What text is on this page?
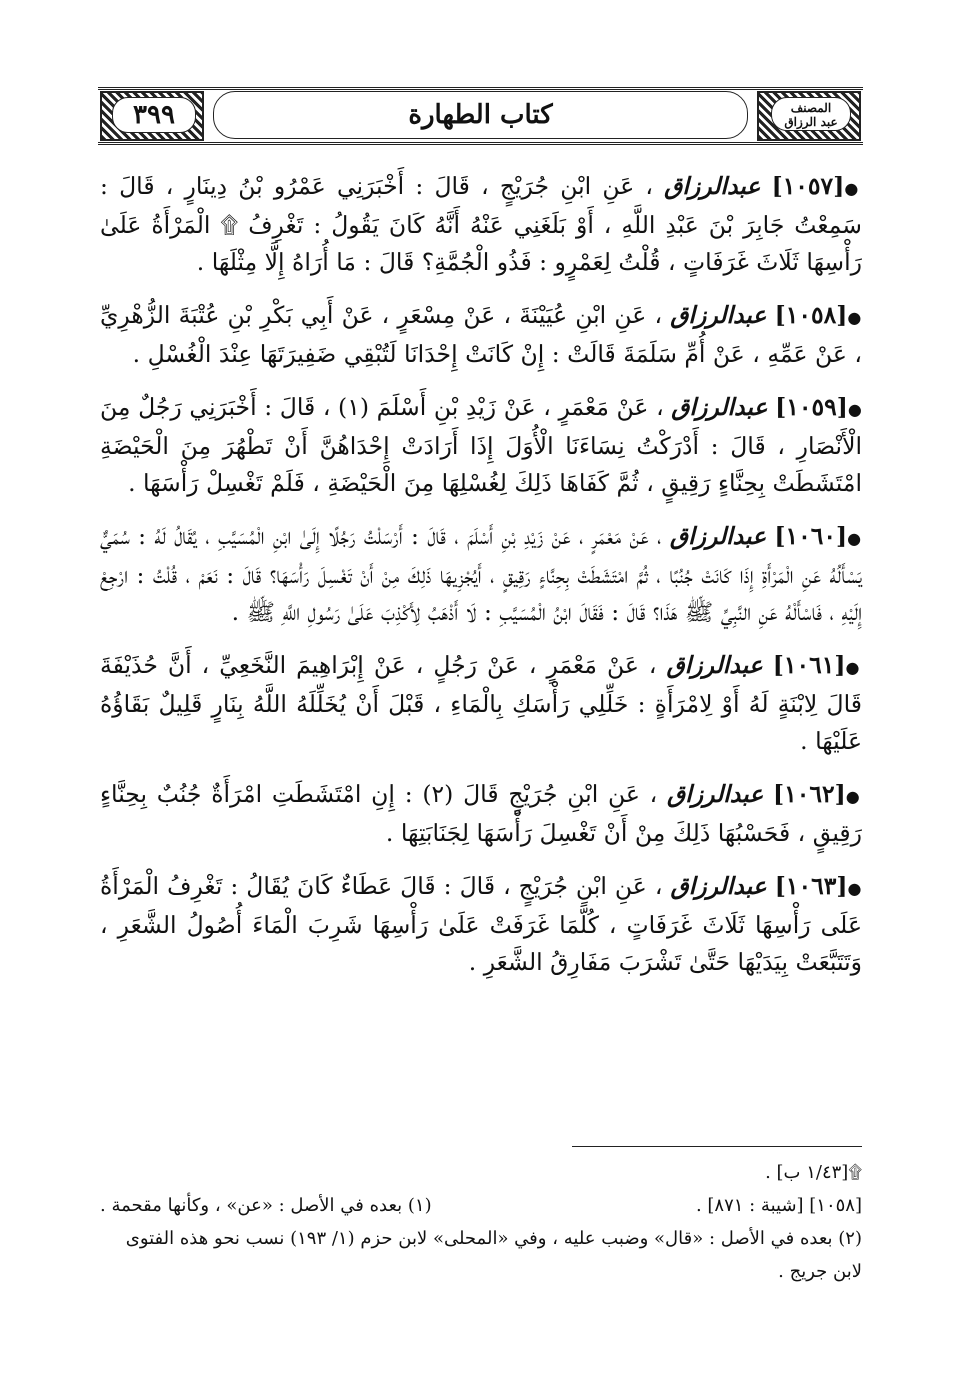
٣٩٩	كتاب الطهارة	المصنف
عبد الرزاق

●[١٠٥٧] عبدالرزاق ، عَنِ ابْنِ جُرَيْجٍ ، قَالَ : أَخْبَرَنِي عَمْرُو بْنُ دِينَارٍ ، قَالَ : سَمِعْتُ جَابِرَ بْنَ عَبْدِ اللَّهِ ، أَوْ بَلَغَنِي عَنْهُ أَنَّهُ كَانَ يَقُولُ : تَغْرِفُ ۩ الْمَرْأَةُ عَلَىٰ رَأْسِهَا ثَلَاثَ غَرَفَاتٍ ، قُلْتُ لِعَمْرٍو : فَذُو الْجُمَّةِ؟ قَالَ : مَا أُرَاهُ إِلَّا مِثْلَهَا .

●[١٠٥٨] عبدالرزاق ، عَنِ ابْنِ عُيَيْنَةَ ، عَنْ مِسْعَرٍ ، عَنْ أَبِي بَكْرِ بْنِ عُتْبَةَ الزُّهْرِيِّ ، عَنْ عَمِّهِ ، عَنْ أُمِّ سَلَمَةَ قَالَتْ : إِنْ كَانَتْ إِحْدَانَا لَتُبْقِي ضَفِيرَتَهَا عِنْدَ الْغُسْلِ .

●[١٠٥٩] عبدالرزاق ، عَنْ مَعْمَرٍ ، عَنْ زَيْدِ بْنِ أَسْلَمَ (١) ، قَالَ : أَخْبَرَنِي رَجُلٌ مِنَ الْأَنْصَارِ ، قَالَ : أَدْرَكْتُ نِسَاءَنَا الْأُوَلَ إِذَا أَرَادَتْ إِحْدَاهُنَّ أَنْ تَطْهُرَ مِنَ الْحَيْضَةِ امْتَشَطَتْ بِحِنَّاءٍ رَقِيقٍ ، ثُمَّ كَفَاهَا ذَلِكَ لِغُسْلِهَا مِنَ الْحَيْضَةِ ، فَلَمْ تَغْسِلْ رَأْسَهَا .

●[١٠٦٠] عبدالرزاق ، عَنْ مَعْمَرٍ ، عَنْ زَيْدِ بْنِ أَسْلَمَ ، قَالَ : أَرْسَلْتُ رَجُلًا إِلَىٰ ابْنِ الْمُسَيَّبِ ، يُقَالُ لَهُ : سُمَيٌّ يَسْأَلُهُ عَنِ الْمَرْأَةِ إِذَا كَانَتْ جُنُبًا ، ثُمَّ امْتَشَطَتْ بِحِنَّاءٍ رَقِيقٍ ، أَيُجْزِيهَا ذَلِكَ مِنْ أَنْ تَغْسِلَ رَأْسَهَا؟ قَالَ : نَعَمْ ، قُلْتُ : ارْجِعْ إِلَيْهِ ، فَاسْأَلْهُ عَنِ النَّبِيِّ ﷺ هَذَا؟ قَالَ : فَقَالَ ابْنُ الْمُسَيَّبِ : لَا أَذْهَبُ لِأَكْذِبَ عَلَىٰ رَسُولِ اللَّهِ ﷺ .

●[١٠٦١] عبدالرزاق ، عَنْ مَعْمَرٍ ، عَنْ رَجُلٍ ، عَنْ إِبْرَاهِيمَ النَّخَعِيِّ ، أَنَّ حُذَيْفَةَ قَالَ لِابْنَةٍ لَهُ أَوْ لِامْرَأَةٍ : خَلِّلِي رَأْسَكِ بِالْمَاءِ ، قَبْلَ أَنْ يُخَلِّلَهُ اللَّهُ بِنَارٍ قَلِيلٌ بَقَاؤُهُ عَلَيْهَا .

●[١٠٦٢] عبدالرزاق ، عَنِ ابْنِ جُرَيْجٍ قَالَ (٢) : إِنِ امْتَشَطَتِ امْرَأَةٌ جُنُبٌ بِحِنَّاءٍ رَقِيقٍ ، فَحَسْبُهَا ذَلِكَ مِنْ أَنْ تَغْسِلَ رَأْسَهَا لِجَنَابَتِهَا .

●[١٠٦٣] عبدالرزاق ، عَنِ ابْنِ جُرَيْجٍ ، قَالَ : قَالَ عَطَاءٌ كَانَ يُقَالُ : تَغْرِفُ الْمَرْأَةُ عَلَى رَأْسِهَا ثَلَاثَ غَرَفَاتٍ ، كُلَّمَا غَرَفَتْ عَلَىٰ رَأْسِهَا شَرِبَ الْمَاءَ أُصُولُ الشَّعَرِ ، وَتَتَبَّعَتْ بِيَدَيْهَا حَتَّىٰ تَشْرَبَ مَفَارِقُ الشَّعَرِ .

۩[١/٤٣ ب] .
[١٠٥٨] [شيبة : ٨٧١] .
(١) بعده في الأصل : «عن» ، وكأنها مقحمة .
(٢) بعده في الأصل : «قال» وضبب عليه ، وفي «المحلى» لابن حزم (١/ ١٩٣) نسب نحو هذه الفتوى لابن جريج .
